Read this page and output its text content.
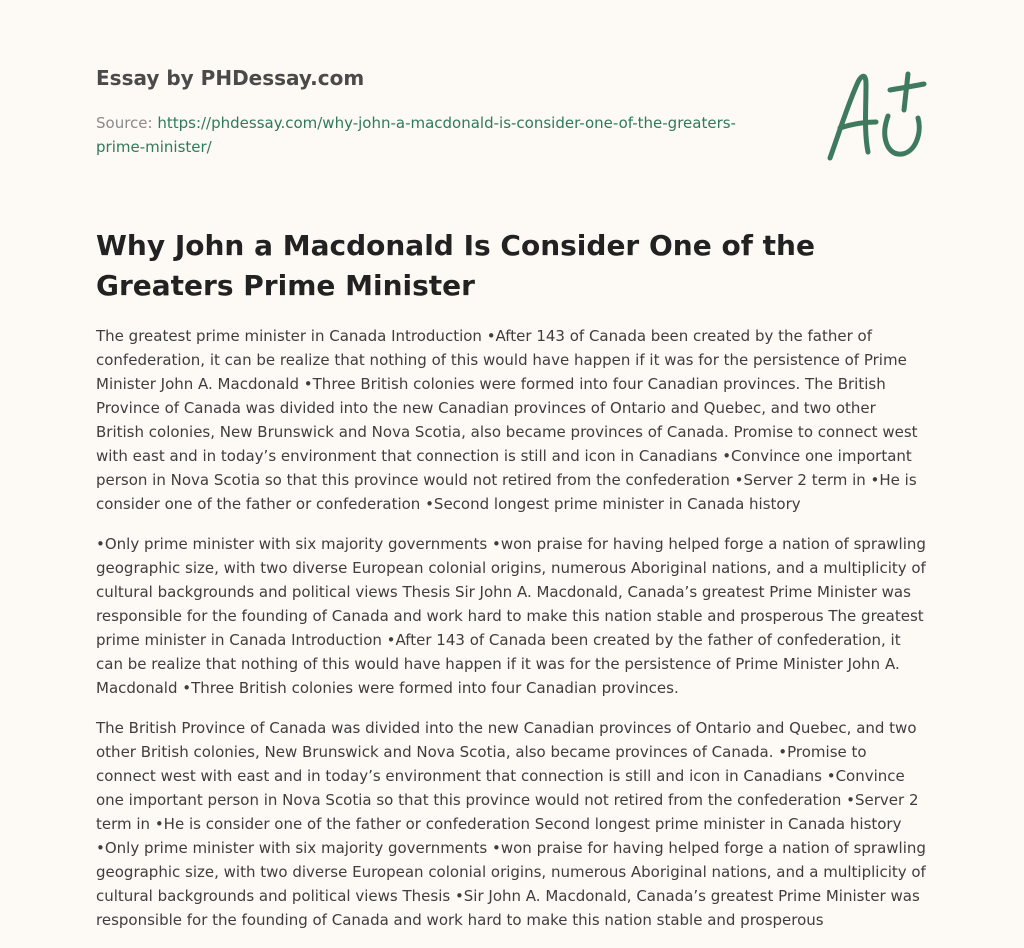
Essay by PHDessay.com

Source: https://phdessay.com/why-john-a-macdonald-is-consider-one-of-the-greaters-prime-minister/

Why John a Macdonald Is Consider One of the Greaters Prime Minister

The greatest prime minister in Canada Introduction •After 143 of Canada been created by the father of confederation, it can be realize that nothing of this would have happen if it was for the persistence of Prime Minister John A. Macdonald •Three British colonies were formed into four Canadian provinces. The British Province of Canada was divided into the new Canadian provinces of Ontario and Quebec, and two other British colonies, New Brunswick and Nova Scotia, also became provinces of Canada. Promise to connect west with east and in today’s environment that connection is still and icon in Canadians •Convince one important person in Nova Scotia so that this province would not retired from the confederation •Server 2 term in •He is consider one of the father or confederation •Second longest prime minister in Canada history

•Only prime minister with six majority governments •won praise for having helped forge a nation of sprawling geographic size, with two diverse European colonial origins, numerous Aboriginal nations, and a multiplicity of cultural backgrounds and political views Thesis Sir John A. Macdonald, Canada’s greatest Prime Minister was responsible for the founding of Canada and work hard to make this nation stable and prosperous The greatest prime minister in Canada Introduction •After 143 of Canada been created by the father of confederation, it can be realize that nothing of this would have happen if it was for the persistence of Prime Minister John A. Macdonald •Three British colonies were formed into four Canadian provinces.

The British Province of Canada was divided into the new Canadian provinces of Ontario and Quebec, and two other British colonies, New Brunswick and Nova Scotia, also became provinces of Canada. •Promise to connect west with east and in today’s environment that connection is still and icon in Canadians •Convince one important person in Nova Scotia so that this province would not retired from the confederation •Server 2 term in •He is consider one of the father or confederation Second longest prime minister in Canada history •Only prime minister with six majority governments •won praise for having helped forge a nation of sprawling geographic size, with two diverse European colonial origins, numerous Aboriginal nations, and a multiplicity of cultural backgrounds and political views Thesis •Sir John A. Macdonald, Canada’s greatest Prime Minister was responsible for the founding of Canada and work hard to make this nation stable and prosperous
